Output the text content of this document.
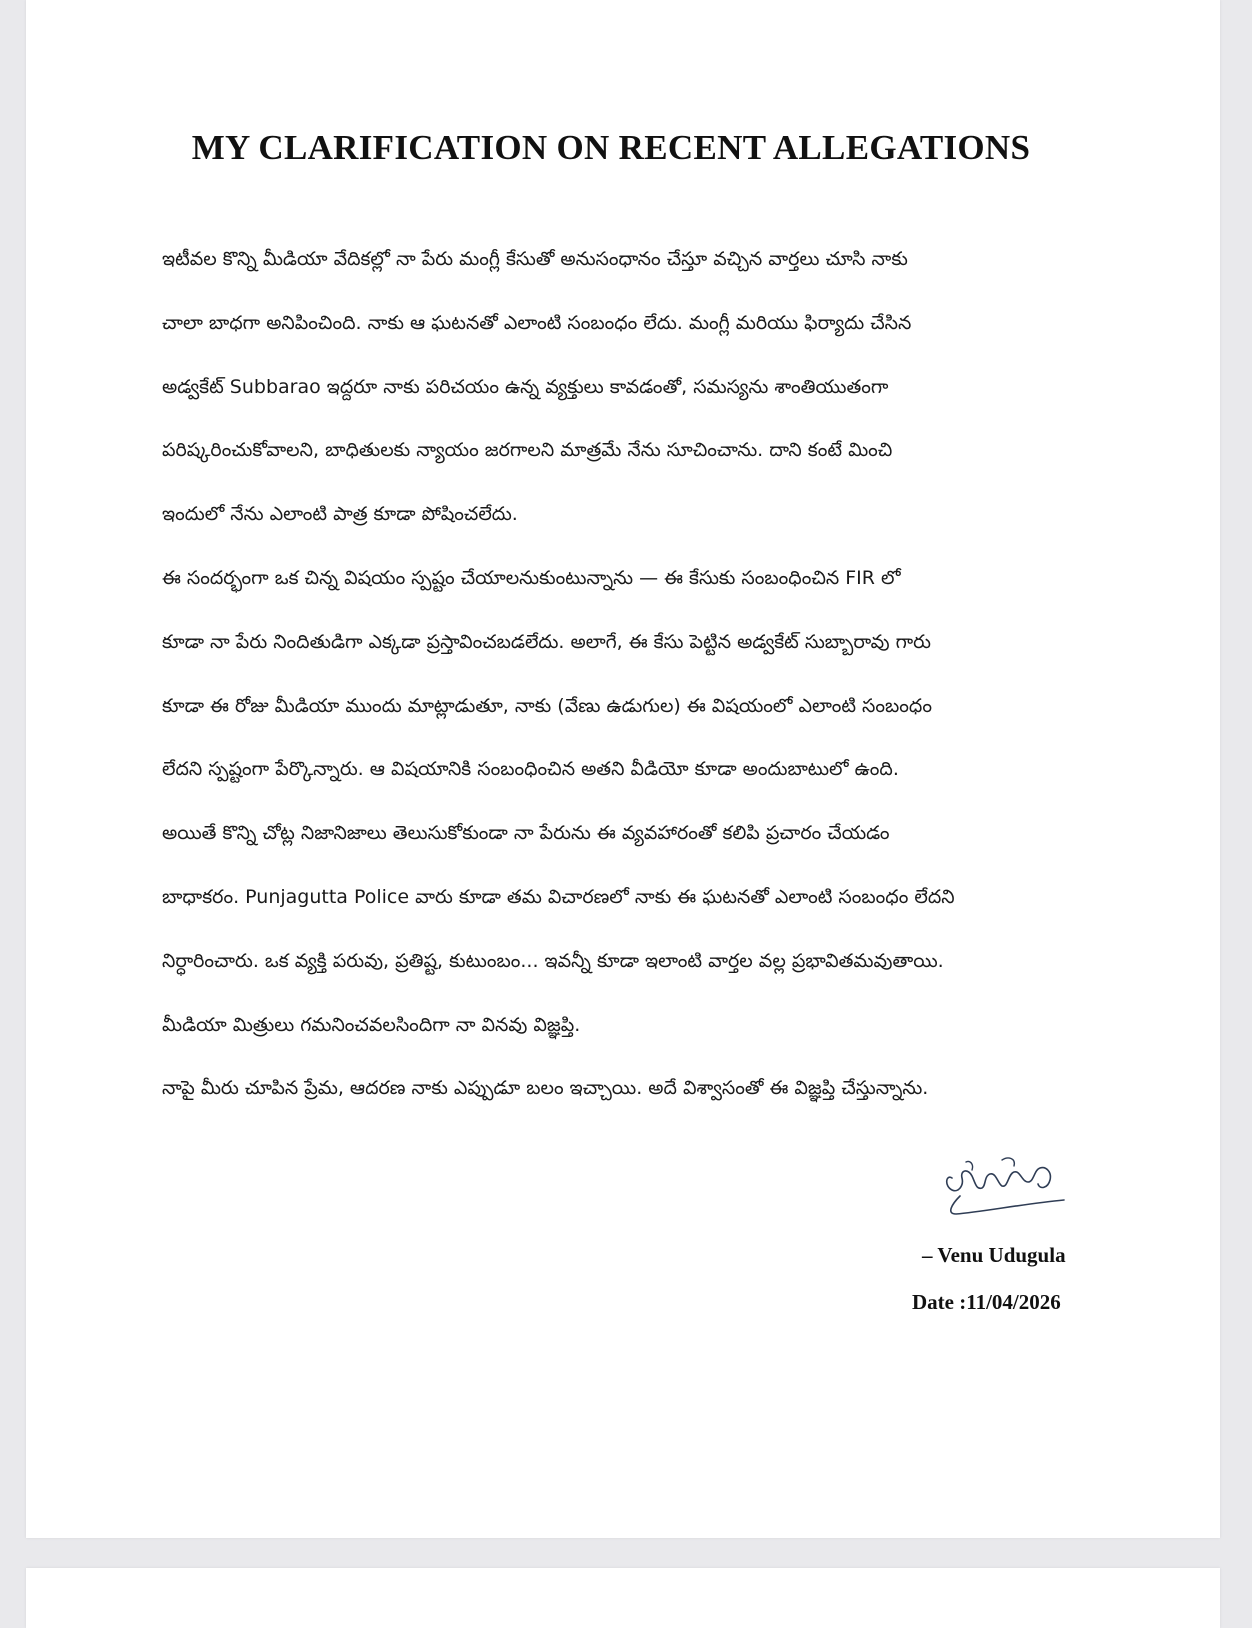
MY CLARIFICATION ON RECENT ALLEGATIONS
ఇటీవల కొన్ని మీడియా వేదికల్లో నా పేరు మంగ్లీ కేసుతో అనుసంధానం చేస్తూ వచ్చిన వార్తలు చూసి నాకు
చాలా బాధగా అనిపించింది. నాకు ఆ ఘటనతో ఎలాంటి సంబంధం లేదు. మంగ్లీ మరియు ఫిర్యాదు చేసిన
అడ్వకేట్ Subbarao ఇద్దరూ నాకు పరిచయం ఉన్న వ్యక్తులు కావడంతో, సమస్యను శాంతియుతంగా
పరిష్కరించుకోవాలని, బాధితులకు న్యాయం జరగాలని మాత్రమే నేను సూచించాను. దాని కంటే మించి
ఇందులో నేను ఎలాంటి పాత్ర కూడా పోషించలేదు.
ఈ సందర్భంగా ఒక చిన్న విషయం స్పష్టం చేయాలనుకుంటున్నాను — ఈ కేసుకు సంబంధించిన FIR లో
కూడా నా పేరు నిందితుడిగా ఎక్కడా ప్రస్తావించబడలేదు. అలాగే, ఈ కేసు పెట్టిన అడ్వకేట్ సుబ్బారావు గారు
కూడా ఈ రోజు మీడియా ముందు మాట్లాడుతూ, నాకు (వేణు ఉడుగుల) ఈ విషయంలో ఎలాంటి సంబంధం
లేదని స్పష్టంగా పేర్కొన్నారు. ఆ విషయానికి సంబంధించిన అతని వీడియో కూడా అందుబాటులో ఉంది.
అయితే కొన్ని చోట్ల నిజానిజాలు తెలుసుకోకుండా నా పేరును ఈ వ్యవహారంతో కలిపి ప్రచారం చేయడం
బాధాకరం. Punjagutta Police వారు కూడా తమ విచారణలో నాకు ఈ ఘటనతో ఎలాంటి సంబంధం లేదని
నిర్ధారించారు. ఒక వ్యక్తి పరువు, ప్రతిష్ట, కుటుంబం... ఇవన్నీ కూడా ఇలాంటి వార్తల వల్ల ప్రభావితమవుతాయి.
మీడియా మిత్రులు గమనించవలసిందిగా నా వినవు విజ్ఞప్తి.
నాపై మీరు చూపిన ప్రేమ, ఆదరణ నాకు ఎప్పుడూ బలం ఇచ్చాయి. అదే విశ్వాసంతో ఈ విజ్ఞప్తి చేస్తున్నాను.
– Venu Udugula
Date :11/04/2026
